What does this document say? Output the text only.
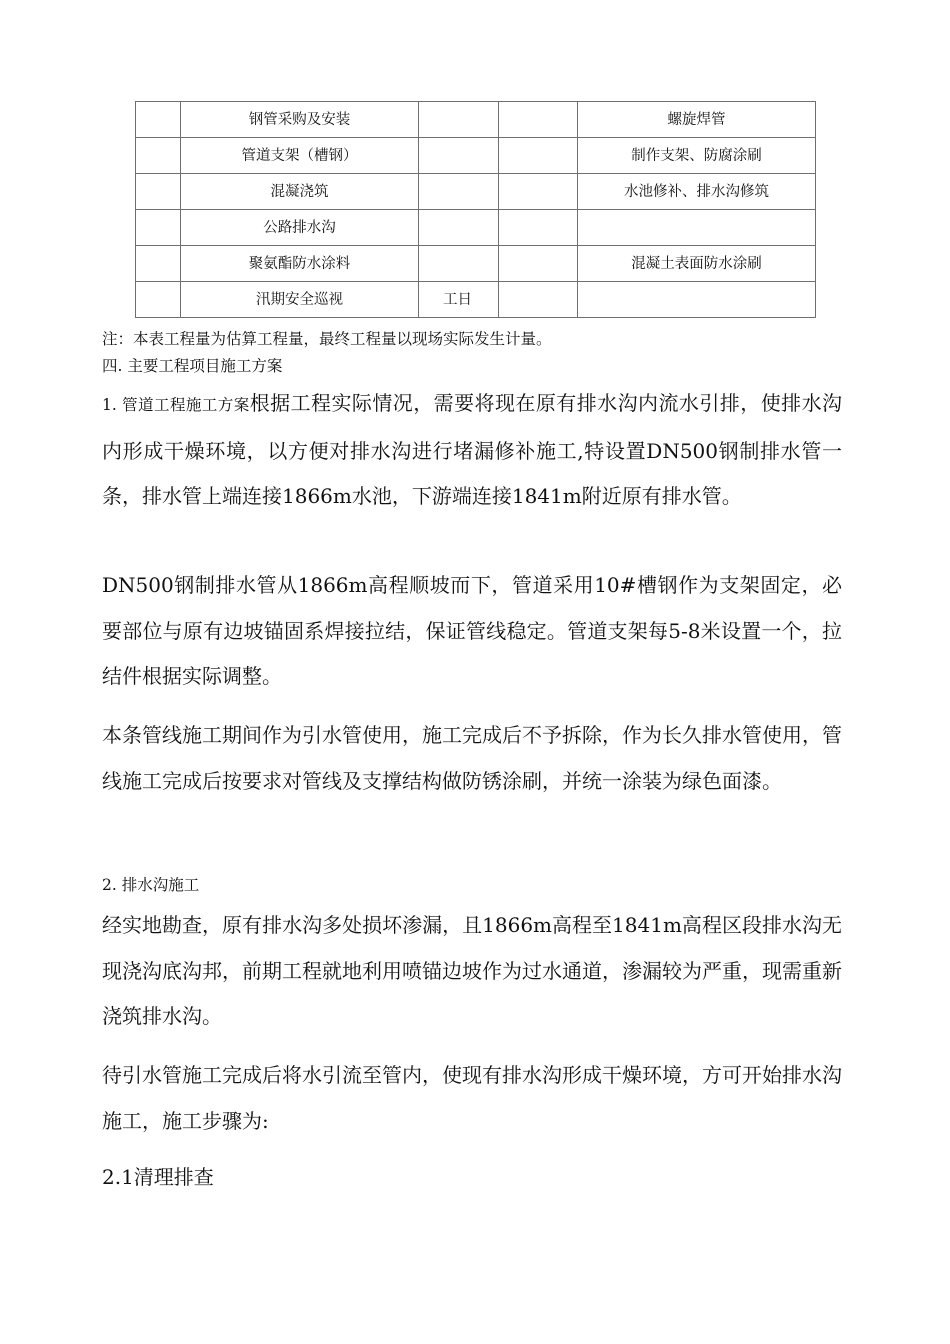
	钢管采购及安装			螺旋焊管
	管道支架（槽钢）			制作支架、防腐涂刷
	混凝浇筑			水池修补、排水沟修筑
	公路排水沟			
	聚氨酯防水涂料			混凝土表面防水涂刷
	汛期安全巡视	工日		
注：本表工程量为估算工程量，最终工程量以现场实际发生计量。
四. 主要工程项目施工方案

1. 管道工程施工方案根据工程实际情况，需要将现在原有排水沟内流水引排，使排水沟内形成干燥环境，以方便对排水沟进行堵漏修补施工,特设置DN500钢制排水管一条，排水管上端连接1866m水池，下游端连接1841m附近原有排水管。

DN500钢制排水管从1866m高程顺坡而下，管道采用10#槽钢作为支架固定，必要部位与原有边坡锚固系焊接拉结，保证管线稳定。管道支架每5-8米设置一个，拉结件根据实际调整。

本条管线施工期间作为引水管使用，施工完成后不予拆除，作为长久排水管使用，管线施工完成后按要求对管线及支撑结构做防锈涂刷，并统一涂装为绿色面漆。

2. 排水沟施工

经实地勘查，原有排水沟多处损坏渗漏，且1866m高程至1841m高程区段排水沟无现浇沟底沟邦，前期工程就地利用喷锚边坡作为过水通道，渗漏较为严重，现需重新浇筑排水沟。

待引水管施工完成后将水引流至管内，使现有排水沟形成干燥环境，方可开始排水沟施工，施工步骤为:

2.1清理排查
